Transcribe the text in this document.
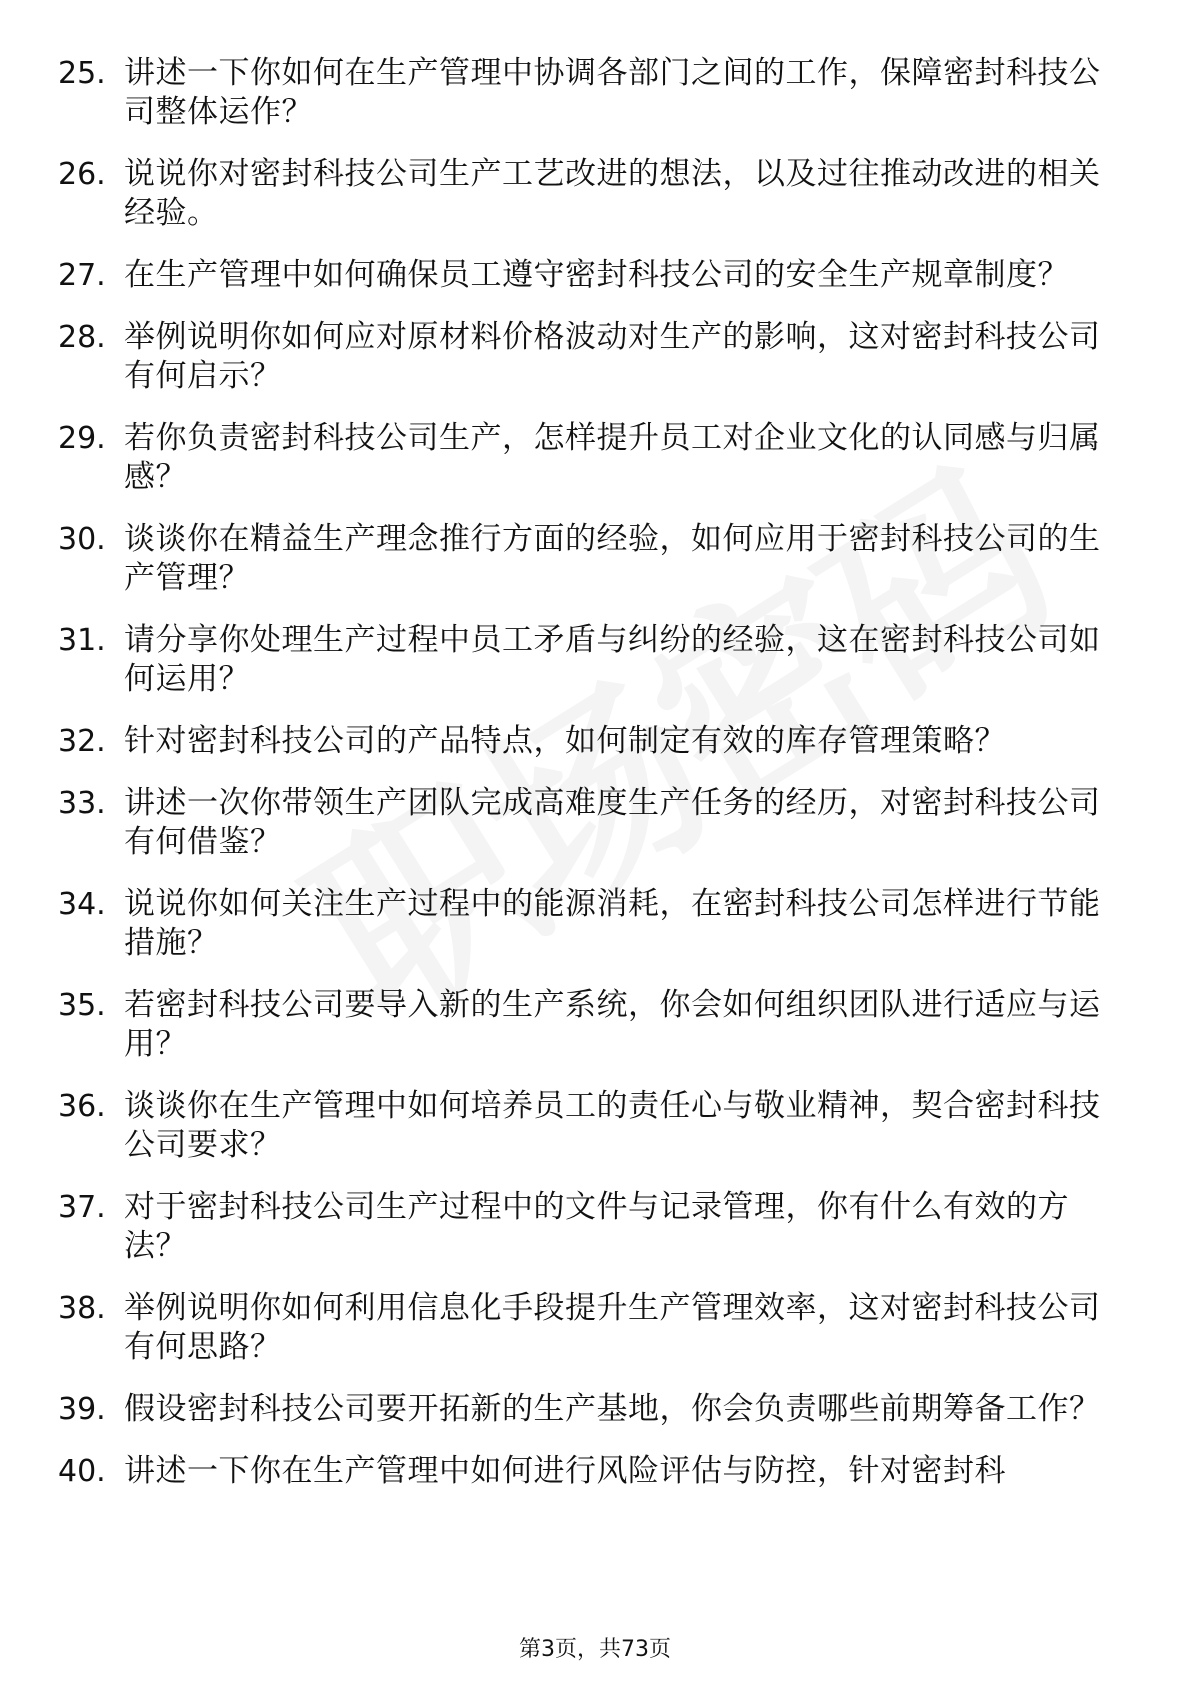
25. 讲述一下你如何在生产管理中协调各部门之间的工作，保障密封科技公司整体运作？
26. 说说你对密封科技公司生产工艺改进的想法，以及过往推动改进的相关经验。
27. 在生产管理中如何确保员工遵守密封科技公司的安全生产规章制度？
28. 举例说明你如何应对原材料价格波动对生产的影响，这对密封科技公司有何启示？
29. 若你负责密封科技公司生产，怎样提升员工对企业文化的认同感与归属感？
30. 谈谈你在精益生产理念推行方面的经验，如何应用于密封科技公司的生产管理？
31. 请分享你处理生产过程中员工矛盾与纠纷的经验，这在密封科技公司如何运用？
32. 针对密封科技公司的产品特点，如何制定有效的库存管理策略？
33. 讲述一次你带领生产团队完成高难度生产任务的经历，对密封科技公司有何借鉴？
34. 说说你如何关注生产过程中的能源消耗，在密封科技公司怎样进行节能措施？
35. 若密封科技公司要导入新的生产系统，你会如何组织团队进行适应与运用？
36. 谈谈你在生产管理中如何培养员工的责任心与敬业精神，契合密封科技公司要求？
37. 对于密封科技公司生产过程中的文件与记录管理，你有什么有效的方法？
38. 举例说明你如何利用信息化手段提升生产管理效率，这对密封科技公司有何思路？
39. 假设密封科技公司要开拓新的生产基地，你会负责哪些前期筹备工作？
40. 讲述一下你在生产管理中如何进行风险评估与防控，针对密封科
第3页，共73页
